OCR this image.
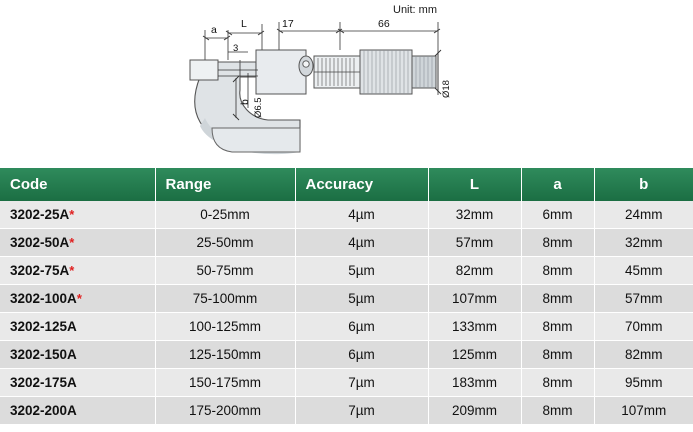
Unit: mm
a L
3
17	66
b Ø6.5
Ø18
Code	Range	Accuracy	L	a	b
3202-25A*	0-25mm	4µm	32mm	6mm	24mm
3202-50A*	25-50mm	4µm	57mm	8mm	32mm
3202-75A*	50-75mm	5µm	82mm	8mm	45mm
3202-100A*	75-100mm	5µm	107mm	8mm	57mm
3202-125A	100-125mm	6µm	133mm	8mm	70mm
3202-150A	125-150mm	6µm	125mm	8mm	82mm
3202-175A	150-175mm	7µm	183mm	8mm	95mm
3202-200A	175-200mm	7µm	209mm	8mm	107mm
